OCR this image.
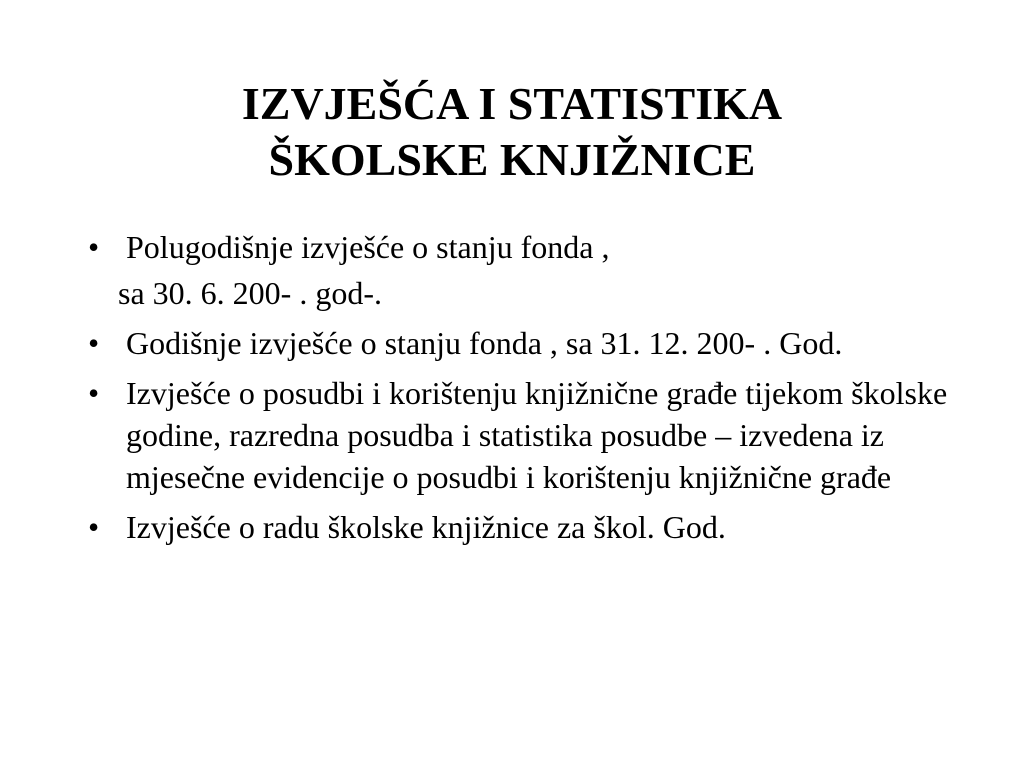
IZVJEŠĆA I STATISTIKA
ŠKOLSKE KNJIŽNICE
• Polugodišnje izvješće o stanju fonda ,
sa 30. 6. 200- . god-.
• Godišnje izvješće o stanju fonda , sa 31. 12. 200- . God.
• Izvješće o posudbi i korištenju knjižnične građe tijekom školske godine, razredna posudba i statistika posudbe – izvedena iz mjesečne evidencije o posudbi i korištenju knjižnične građe
• Izvješće o radu školske knjižnice za škol. God.
